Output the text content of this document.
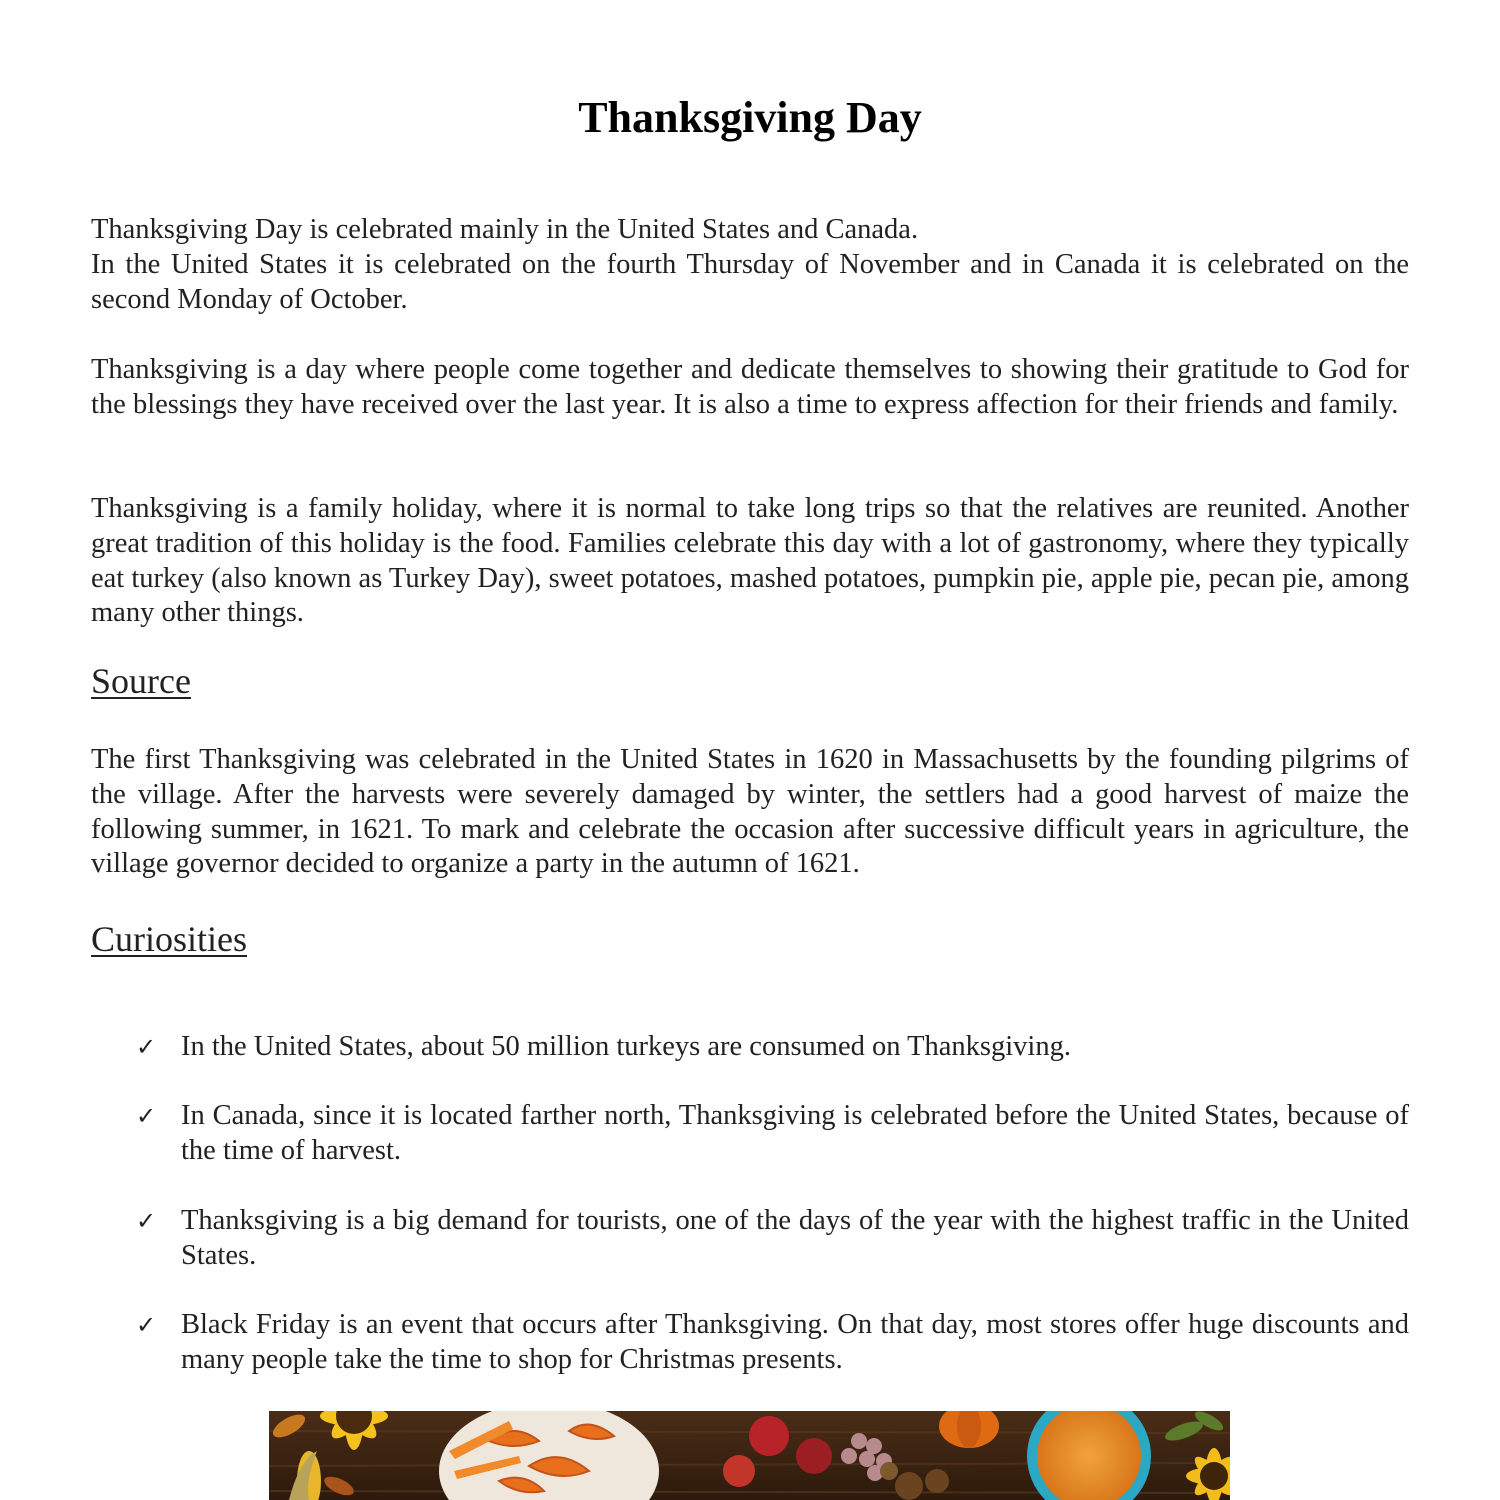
Thanksgiving Day
Thanksgiving Day is celebrated mainly in the United States and Canada.

In the United States it is celebrated on the fourth Thursday of November and in Canada it is celebrated on the second Monday of October.

Thanksgiving is a day where people come together and dedicate themselves to showing their gratitude to God for the blessings they have received over the last year. It is also a time to express affection for their friends and family.

Thanksgiving is a family holiday, where it is normal to take long trips so that the relatives are reunited. Another great tradition of this holiday is the food. Families celebrate this day with a lot of gastronomy, where they typically eat turkey (also known as Turkey Day), sweet potatoes, mashed potatoes, pumpkin pie, apple pie, pecan pie, among many other things.

Source

The first Thanksgiving was celebrated in the United States in 1620 in Massachusetts by the founding pilgrims of the village. After the harvests were severely damaged by winter, the settlers had a good harvest of maize the following summer, in 1621. To mark and celebrate the occasion after successive difficult years in agriculture, the village governor decided to organize a party in the autumn of 1621.

Curiosities
✓ In the United States, about 50 million turkeys are consumed on Thanksgiving.

✓ In Canada, since it is located farther north, Thanksgiving is celebrated before the United States, because of the time of harvest.

✓ Thanksgiving is a big demand for tourists, one of the days of the year with the highest traffic in the United States.

✓ Black Friday is an event that occurs after Thanksgiving. On that day, most stores offer huge discounts and many people take the time to shop for Christmas presents.
